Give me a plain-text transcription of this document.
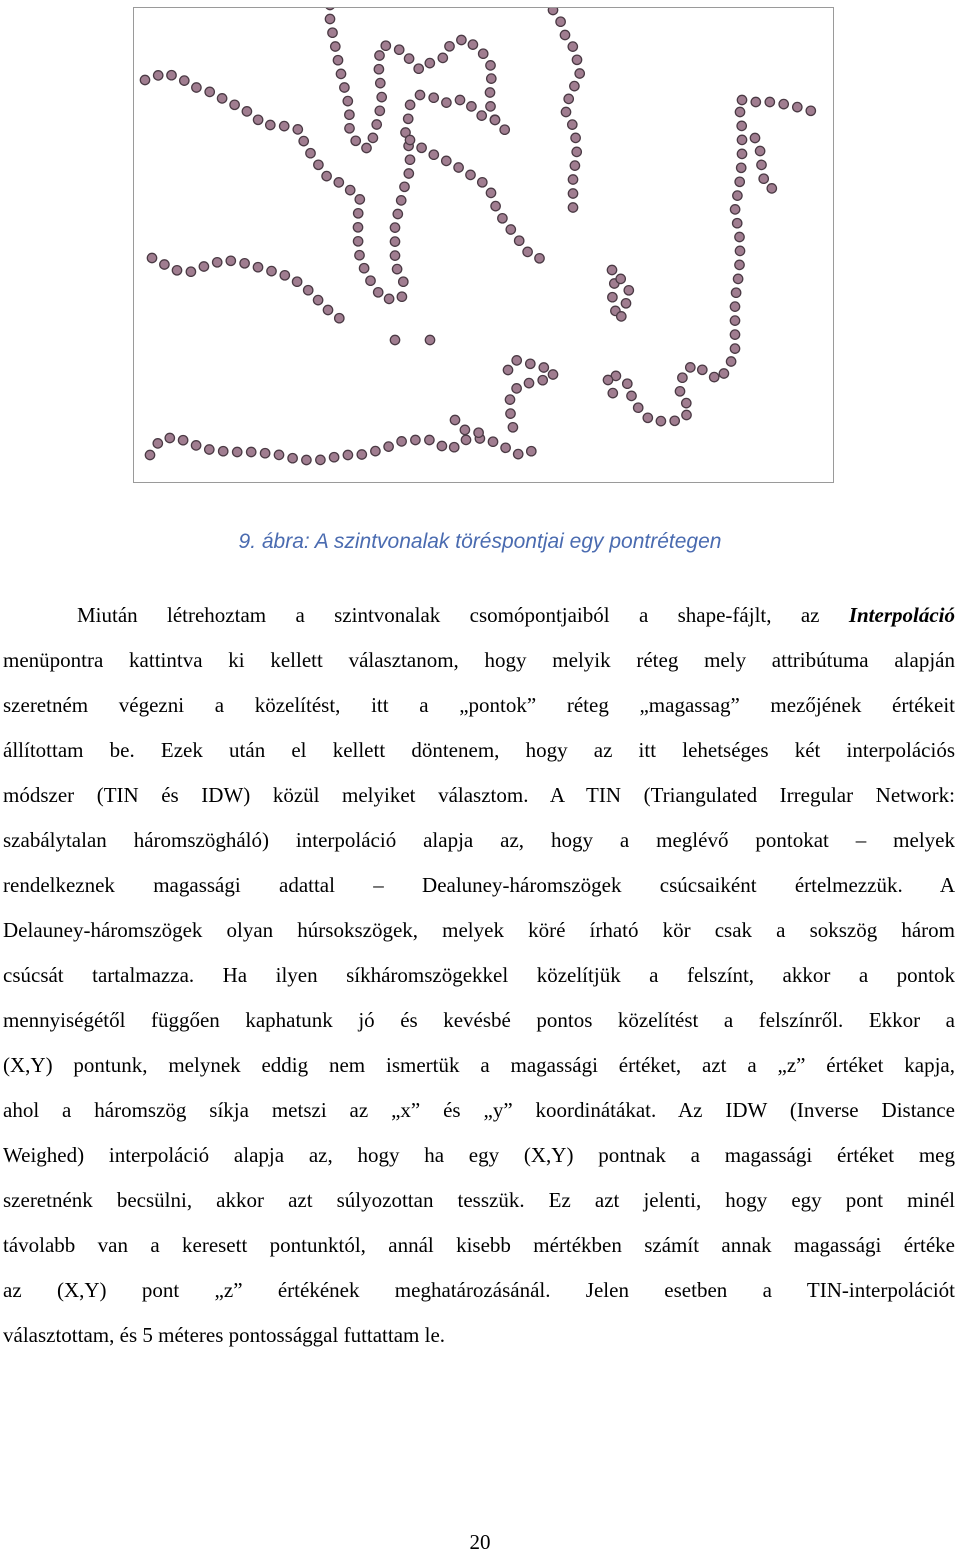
9. ábra: A szintvonalak töréspontjai egy pontrétegen
Miután létrehoztam a szintvonalak csomópontjaiból a shape-fájlt, az Interpoláció
menüpontra kattintva ki kellett választanom, hogy melyik réteg mely attribútuma alapján
szeretném végezni a közelítést, itt a „pontok” réteg „magassag” mezőjének értékeit
állítottam be. Ezek után el kellett döntenem, hogy az itt lehetséges két interpolációs
módszer (TIN és IDW) közül melyiket választom. A TIN (Triangulated Irregular Network:
szabálytalan háromszögháló) interpoláció alapja az, hogy a meglévő pontokat – melyek
rendelkeznek magassági adattal – Dealuney-háromszögek csúcsaiként értelmezzük. A
Delauney-háromszögek olyan húrsokszögek, melyek köré írható kör csak a sokszög három
csúcsát tartalmazza. Ha ilyen síkháromszögekkel közelítjük a felszínt, akkor a pontok
mennyiségétől függően kaphatunk jó és kevésbé pontos közelítést a felszínről. Ekkor a
(X,Y) pontunk, melynek eddig nem ismertük a magassági értéket, azt a „z” értéket kapja,
ahol a háromszög síkja metszi az „x” és „y” koordinátákat. Az IDW (Inverse Distance
Weighed) interpoláció alapja az, hogy ha egy (X,Y) pontnak a magassági értéket meg
szeretnénk becsülni, akkor azt súlyozottan tesszük. Ez azt jelenti, hogy egy pont minél
távolabb van a keresett pontunktól, annál kisebb mértékben számít annak magassági értéke
az (X,Y) pont „z” értékének meghatározásánál. Jelen esetben a TIN-interpolációt
választottam, és 5 méteres pontossággal futtattam le.
20
